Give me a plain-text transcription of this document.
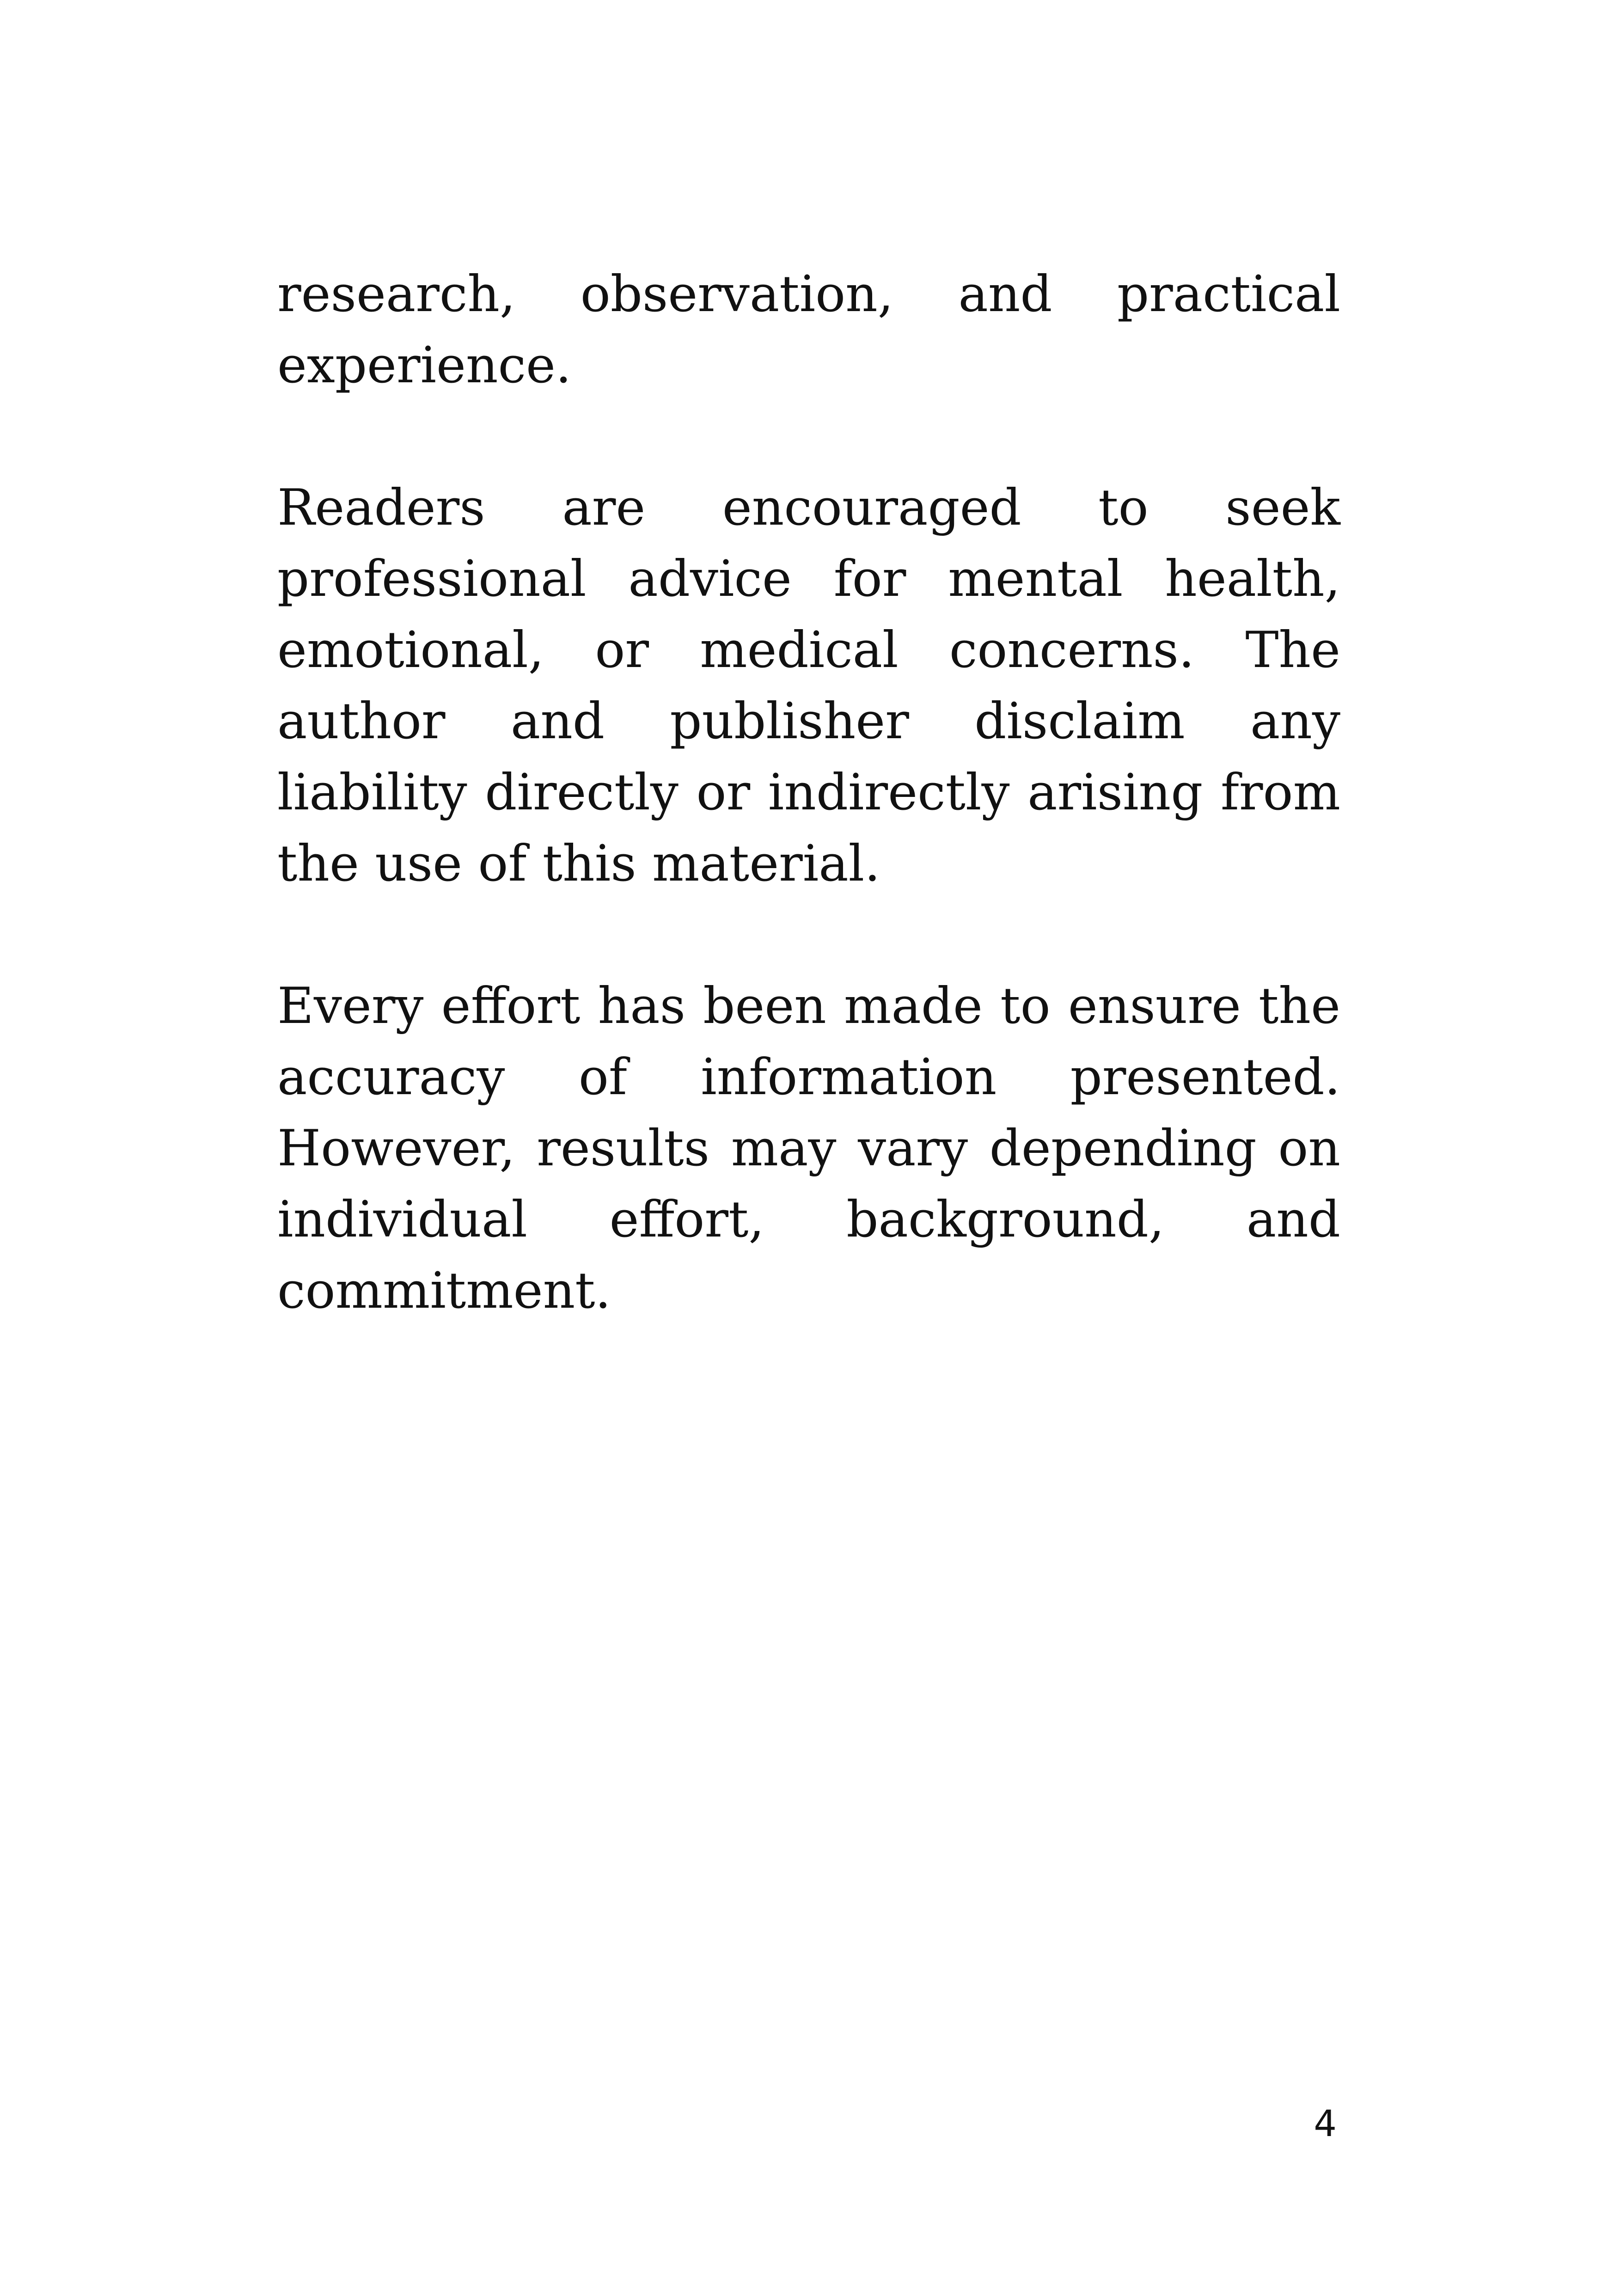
research, observation, and practical experience.

Readers are encouraged to seek professional advice for mental health, emotional, or medical concerns. The author and publisher disclaim any liability directly or indirectly arising from the use of this material.

Every effort has been made to ensure the accuracy of information presented. However, results may vary depending on individual effort, background, and commitment.

4
